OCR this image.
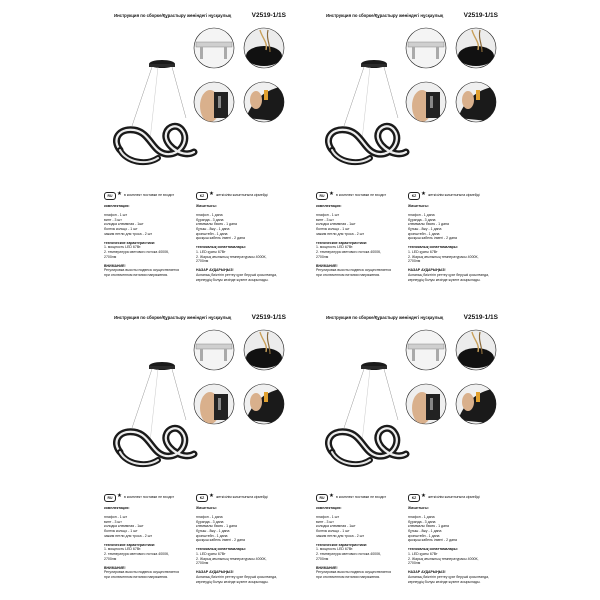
Инструкция по сборке/Құрастыру жөніндегі нұсқаулық	V2519-1/1S
RU ★ в комплект поставки не входит	KZ ★ жеткізілім жиынтығына кірмейді
комплектация:
плафон - 1 шт
винт - 3 шт
колодка клеммная - 1шт
болтик кольцо - 1 шт
зажим петли для троса - 2 шт
технические характеристики:
1. мощность LED 67Вт.
2. температура светового потока 4000К,
2700лм
ВНИМАНИЕ!
Регулировка высоты подвеса осуществляется
при отключенном питании напряжения.
Жиынтығы:
плафон - 1 дана
бұранда - 3 дана
клеммалы бөсек - 1 дана
бұгыш - 8жу - 1 дана
кронштейн - 1 дана
қысқыш кабель ілмегі - 2 дана
техникалық сипаттамалары:
1. LED қуаты 67Вт
2. Жарық ағынының температурасы 4000К,
2700лм
НАЗАР АУДАРЫҢЫЗ!
Аспаның биіктігін реттеу қуат берушіі қосылғанда,
кернеудің болуы кезінде жүзеге асырылады.
Инструкция по сборке/Құрастыру жөніндегі нұсқаулық	V2519-1/1S
RU ★ в комплект поставки не входит	KZ ★ жеткізілім жиынтығына кірмейді
комплектация:
плафон - 1 шт
винт - 3 шт
колодка клеммная - 1шт
болтик кольцо - 1 шт
зажим петли для троса - 2 шт
технические характеристики:
1. мощность LED 67Вт.
2. температура светового потока 4000К,
2700лм
ВНИМАНИЕ!
Регулировка высоты подвеса осуществляется
при отключенном питании напряжения.
Жиынтығы:
плафон - 1 дана
бұранда - 3 дана
клеммалы бөсек - 1 дана
бұгыш - 8жу - 1 дана
кронштейн - 1 дана
қысқыш кабель ілмегі - 2 дана
техникалық сипаттамалары:
1. LED қуаты 67Вт
2. Жарық ағынының температурасы 4000К,
2700лм
НАЗАР АУДАРЫҢЫЗ!
Аспаның биіктігін реттеу қуат берушіі қосылғанда,
кернеудің болуы кезінде жүзеге асырылады.
Инструкция по сборке/Құрастыру жөніндегі нұсқаулық	V2519-1/1S
RU ★ в комплект поставки не входит	KZ ★ жеткізілім жиынтығына кірмейді
комплектация:
плафон - 1 шт
винт - 3 шт
колодка клеммная - 1шт
болтик кольцо - 1 шт
зажим петли для троса - 2 шт
технические характеристики:
1. мощность LED 67Вт.
2. температура светового потока 4000К,
2700лм
ВНИМАНИЕ!
Регулировка высоты подвеса осуществляется
при отключенном питании напряжения.
Жиынтығы:
плафон - 1 дана
бұранда - 3 дана
клеммалы бөсек - 1 дана
бұгыш - 8жу - 1 дана
кронштейн - 1 дана
қысқыш кабель ілмегі - 2 дана
техникалық сипаттамалары:
1. LED қуаты 67Вт
2. Жарық ағынының температурасы 4000К,
2700лм
НАЗАР АУДАРЫҢЫЗ!
Аспаның биіктігін реттеу қуат берушіі қосылғанда,
кернеудің болуы кезінде жүзеге асырылады.
Инструкция по сборке/Құрастыру жөніндегі нұсқаулық	V2519-1/1S
RU ★ в комплект поставки не входит	KZ ★ жеткізілім жиынтығына кірмейді
комплектация:
плафон - 1 шт
винт - 3 шт
колодка клеммная - 1шт
болтик кольцо - 1 шт
зажим петли для троса - 2 шт
технические характеристики:
1. мощность LED 67Вт.
2. температура светового потока 4000К,
2700лм
ВНИМАНИЕ!
Регулировка высоты подвеса осуществляется
при отключенном питании напряжения.
Жиынтығы:
плафон - 1 дана
бұранда - 3 дана
клеммалы бөсек - 1 дана
бұгыш - 8жу - 1 дана
кронштейн - 1 дана
қысқыш кабель ілмегі - 2 дана
техникалық сипаттамалары:
1. LED қуаты 67Вт
2. Жарық ағынының температурасы 4000К,
2700лм
НАЗАР АУДАРЫҢЫЗ!
Аспаның биіктігін реттеу қуат берушіі қосылғанда,
кернеудің болуы кезінде жүзеге асырылады.
